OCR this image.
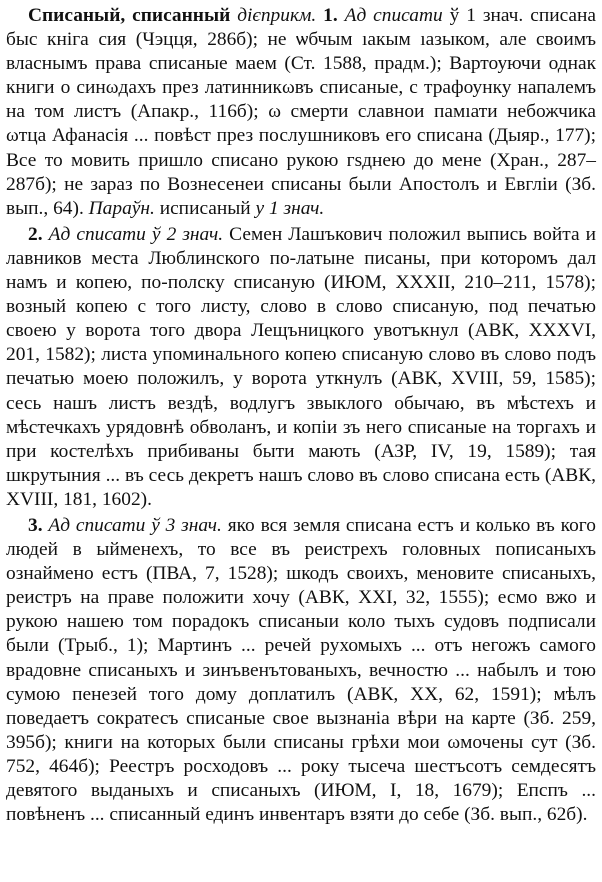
Списаный, списанный дієприкм. 1. Ад списати ў 1 знач. списана быс кніга сия (Чэцця, 286б); не ѡбчым ıакым ıазыком, але своимъ власнымъ права списаные маем (Ст. 1588, прадм.); Вартоуючи однак книги о синωдахъ през латинникωвъ списаные, с трафоунку напалемъ на том листъ (Апакр., 116б); ω смерти славнои памıати небожчика ωтца Афанасія ... повѣст през послушниковъ его списана (Дыяр., 177); Все то мовить пришло списано рукою гѕднею до мене (Хран., 287–287б); не зараз по Вознесенеи списаны были Апостолъ и Евгліи (Зб. вып., 64). Параўн. исписаный у 1 знач.

2. Ад списати ў 2 знач. Семен Лашъкович положил выпись войта и лавников места Люблинского по-латыне писаны, при которомъ дал намъ и копею, по-полску списаную (ИЮМ, XXXII, 210–211, 1578); возный копею с того листу, слово в слово списаную, под печатью своею у ворота того двора Лещъницкого увотъкнул (АВК, XXXVI, 201, 1582); листа упоминального копею списаную слово въ слово подъ печатью моею положилъ, у ворота уткнулъ (АВК, XVIII, 59, 1585); сесь нашъ листъ вездѣ, водлугъ звыклого обычаю, въ мѣстехъ и мѣстечкахъ урядовнѣ обволанъ, и копіи зъ него списаные на торгахъ и при костелѣхъ прибиваны быти мають (АЗР, IV, 19, 1589); тая шкрутыния ... въ сесь декретъ нашъ слово въ слово списана есть (АВК, XVIII, 181, 1602).

3. Ад списати ў 3 знач. яко вся земля списана естъ и колько въ кого людей в ыйменехъ, то все въ реистрехъ головных пописаныхъ ознаймено естъ (ПВА, 7, 1528); шкодъ своихъ, меновите списаныхъ, реистръ на праве положити хочу (АВК, XXI, 32, 1555); есмо вжо и рукою нашею том порадокъ списаныи коло тыхъ судовъ подписали были (Трыб., 1); Мартинъ ... речей рухомыхъ ... отъ негожъ самого врадовне списаныхъ и зинъвенътованыхъ, вечностю ... набылъ и тою сумою пенезей того дому доплатилъ (АВК, XX, 62, 1591); мѣлъ поведаетъ сократесъ списаные свое вызнаніа вѣри на карте (Зб. 259, 395б); книги на которых были списаны грѣхи мои ωмочены сут (Зб. 752, 464б); Реестръ росходовъ ... року тысеча шестъсотъ семдесятъ девятого выданыхъ и списаныхъ (ИЮМ, I, 18, 1679); Епспъ ... повѣненъ ... списанный единъ инвентаръ взяти до себе (Зб. вып., 62б).
